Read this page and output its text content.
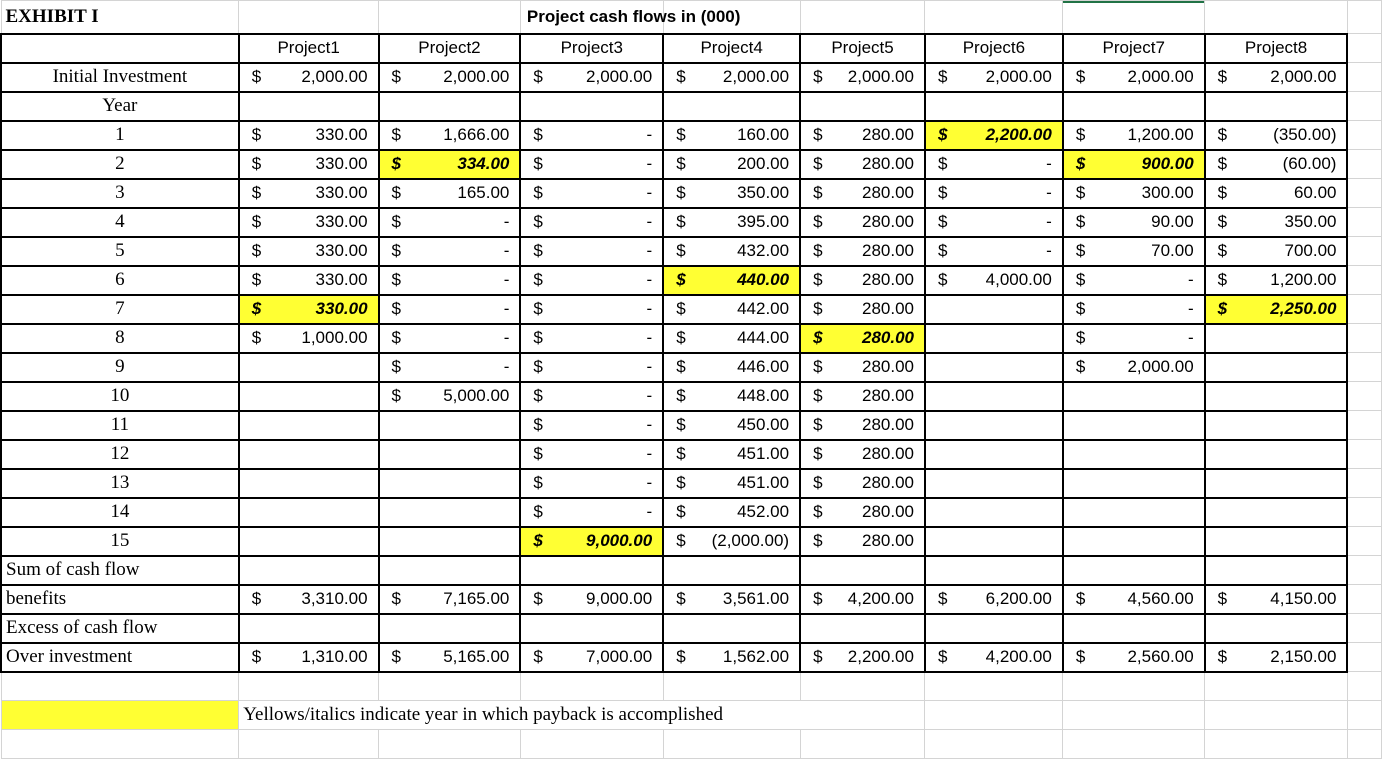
EXHIBIT I			Project cash flows in (000)						

	Project1	Project2	Project3	Project4	Project5	Project6	Project7	Project8	
Initial Investment	$ 2,000.00	$ 2,000.00	$ 2,000.00	$ 2,000.00	$ 2,000.00	$ 2,000.00	$ 2,000.00	$ 2,000.00	

Year									
1	$ 330.00	$ 1,666.00	$ -	$ 160.00	$ 280.00	$ 2,200.00	$ 1,200.00	$ (350.00)	

2	$ 330.00	$ 334.00	$ -	$ 200.00	$ 280.00	$ -	$ 900.00	$ (60.00)	

3	$ 330.00	$ 165.00	$ -	$ 350.00	$ 280.00	$ -	$ 300.00	$ 60.00	

4	$ 330.00	$ -	$ -	$ 395.00	$ 280.00	$ -	$ 90.00	$ 350.00	

5	$ 330.00	$ -	$ -	$ 432.00	$ 280.00	$ -	$ 70.00	$ 700.00	

6	$ 330.00	$ -	$ -	$ 440.00	$ 280.00	$ 4,000.00	$ -	$ 1,200.00	

7	$ 330.00	$ -	$ -	$ 442.00	$ 280.00		$ -	$ 2,250.00	

8	$ 1,000.00	$ -	$ -	$ 444.00	$ 280.00		$ -		

9		$ -	$ -	$ 446.00	$ 280.00		$ 2,000.00		

10		$ 5,000.00	$ -	$ 448.00	$ 280.00				

11			$ -	$ 450.00	$ 280.00				

12			$ -	$ 451.00	$ 280.00				

13			$ -	$ 451.00	$ 280.00				

14			$ -	$ 452.00	$ 280.00				

15			$ 9,000.00	$ (2,000.00)	$ 280.00				

Sum of cash flow									
benefits	$ 3,310.00	$ 7,165.00	$ 9,000.00	$ 3,561.00	$ 4,200.00	$ 6,200.00	$ 4,560.00	$ 4,150.00	

Excess of cash flow									
Over investment	$ 1,310.00	$ 5,165.00	$ 7,000.00	$ 1,562.00	$ 2,200.00	$ 4,200.00	$ 2,560.00	$ 2,150.00	

	Yellows/italics indicate year in which payback is accomplished								
